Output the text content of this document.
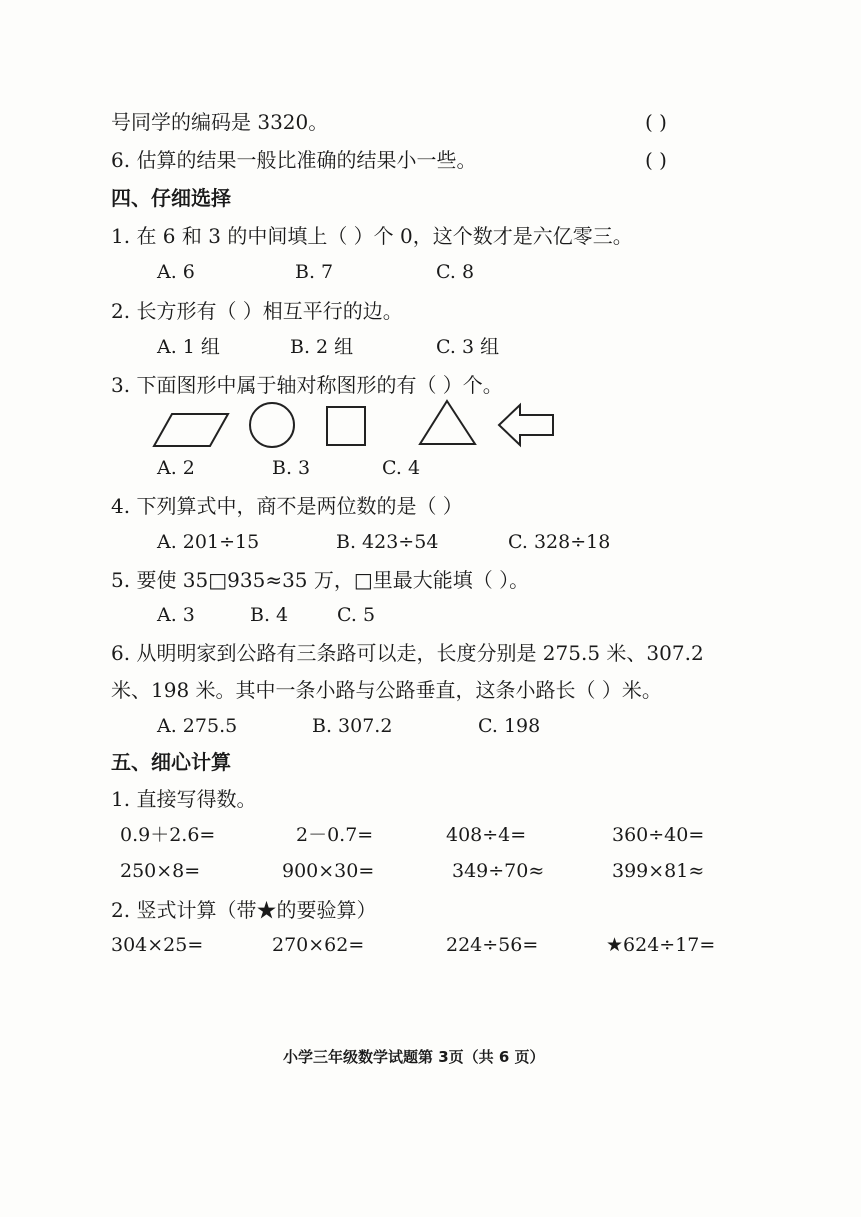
号同学的编码是 3320。	( )
6. 估算的结果一般比准确的结果小一些。	( )
四、仔细选择
1. 在 6 和 3 的中间填上（ ）个 0，这个数才是六亿零三。
A. 6	B. 7	C. 8
2. 长方形有（ ）相互平行的边。
A. 1 组	B. 2 组	C. 3 组
3. 下面图形中属于轴对称图形的有（ ）个。
A. 2	B. 3	C. 4
4. 下列算式中，商不是两位数的是（ ）
A. 201÷15	B. 423÷54	C. 328÷18
5. 要使 35□935≈35 万，□里最大能填（ ）。
A. 3	B. 4	C. 5
6. 从明明家到公路有三条路可以走，长度分别是 275.5 米、307.2
米、198 米。其中一条小路与公路垂直，这条小路长（ ）米。
A. 275.5	B. 307.2	C. 198
五、细心计算
1. 直接写得数。
0.9＋2.6=	2－0.7=	408÷4=	360÷40=
250×8=	900×30=	349÷70≈	399×81≈
2. 竖式计算（带★的要验算）
304×25=	270×62=	224÷56=	★624÷17=
小学三年级数学试题第 3页（共 6 页）
